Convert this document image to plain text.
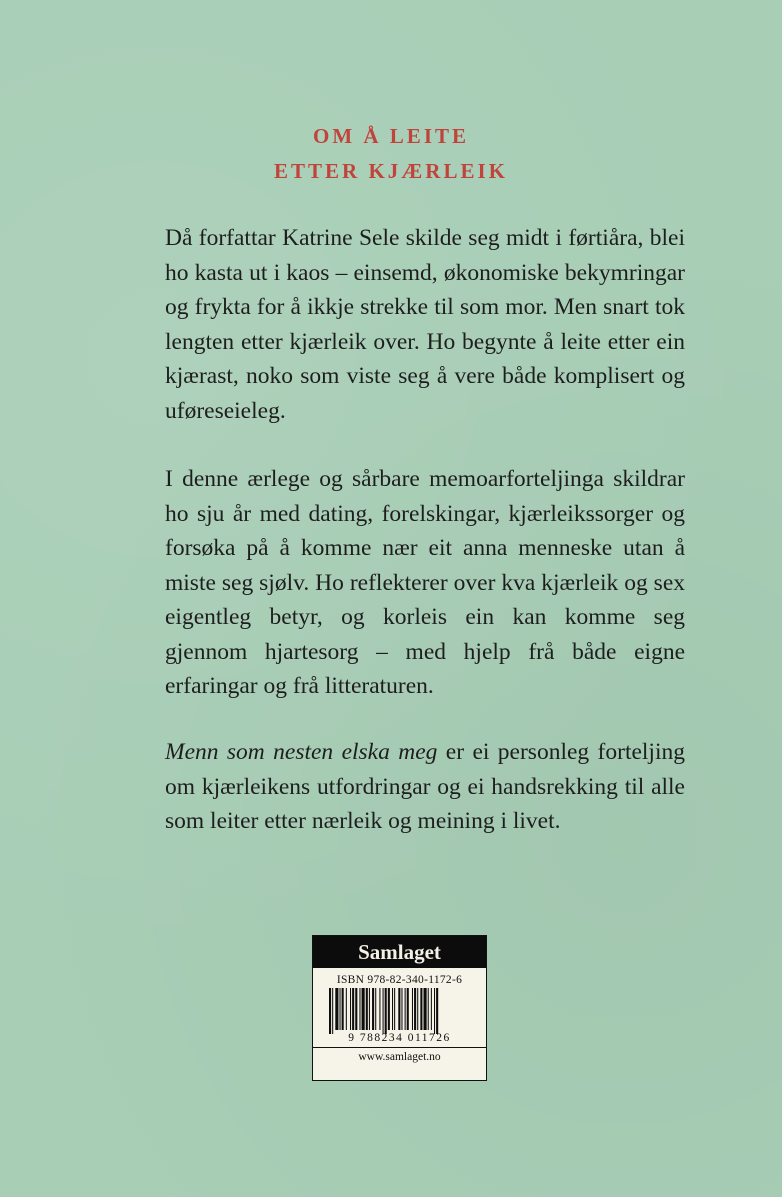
OM Å LEITE
ETTER KJÆRLEIK
Då forfattar Katrine Sele skilde seg midt i førtiåra, blei ho kasta ut i kaos – einsemd, økonomiske bekymringar og frykta for å ikkje strekke til som mor. Men snart tok lengten etter kjærleik over. Ho begynte å leite etter ein kjærast, noko som viste seg å vere både komplisert og uføreseieleg.
I denne ærlege og sårbare memoarforteljinga skildrar ho sju år med dating, forelskingar, kjærleikssorger og forsøka på å komme nær eit anna menneske utan å miste seg sjølv. Ho reflekterer over kva kjærleik og sex eigentleg betyr, og korleis ein kan komme seg gjennom hjartesorg – med hjelp frå både eigne erfaringar og frå litteraturen.
Menn som nesten elska meg er ei personleg forteljing om kjærleikens utfordringar og ei handsrekking til alle som leiter etter nærleik og meining i livet.
Samlaget
ISBN 978-82-340-1172-6
9 788234 011726
www.samlaget.no
